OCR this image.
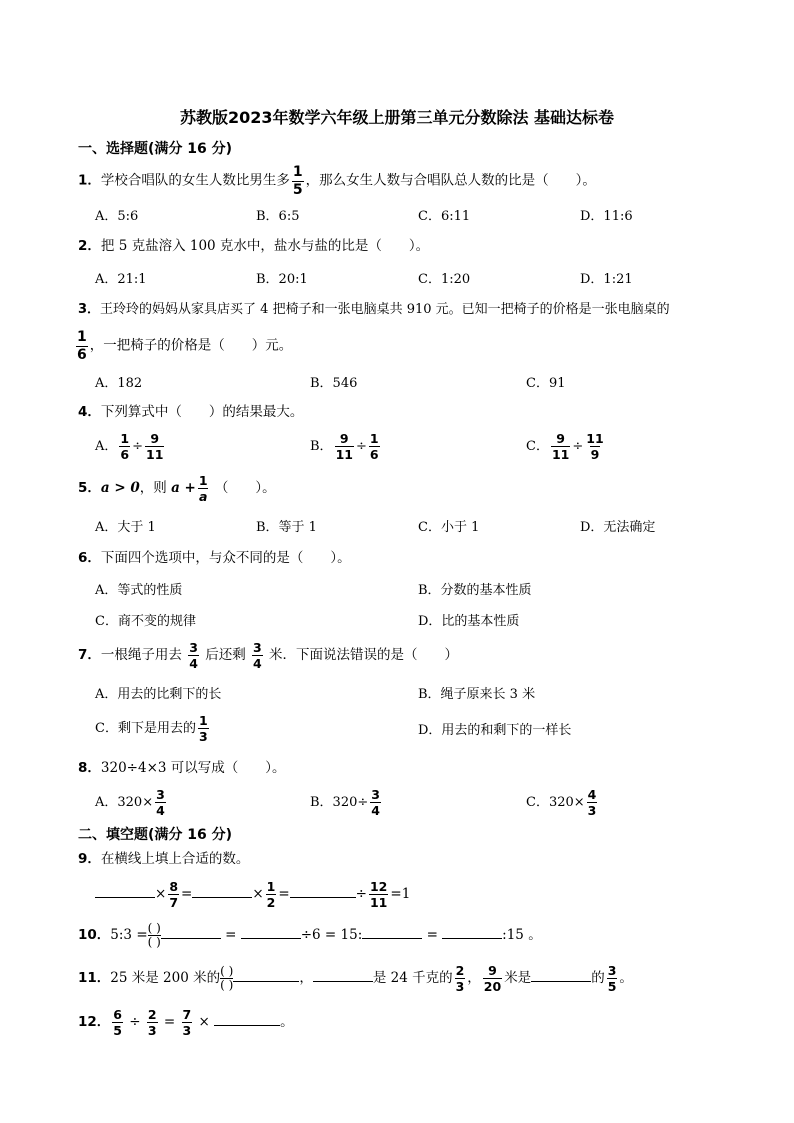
苏教版2023年数学六年级上册第三单元分数除法 基础达标卷
一、选择题(满分 16 分)
1．学校合唱队的女生人数比男生多 $\frac{1}{5}$ ，那么女生人数与合唱队总人数的比是（　　）。
A．5:6	B．6:5	C．6:11	D．11:6
2．把 5 克盐溶入 100 克水中，盐水与盐的比是（　　）。
A．21:1	B．20:1	C．1:20	D．1:21
3．王玲玲的妈妈从家具店买了 4 把椅子和一张电脑桌共 910 元。已知一把椅子的价格是一张电脑桌的
$\frac{1}{6}$ ，一把椅子的价格是（　　）元。
A．182	B．546	C．91
4．下列算式中（　　）的结果最大。
A． $\frac{1}{6} \div \frac{9}{11}$	B． $\frac{9}{11} \div \frac{1}{6}$	C． $\frac{9}{11} \div \frac{11}{9}$
5．a > 0，则 $a + \frac{1}{a}$ （　　）。
A．大于 1	B．等于 1	C．小于 1	D．无法确定
6．下面四个选项中，与众不同的是（　　）。
A．等式的性质	B．分数的基本性质
C．商不变的规律	D．比的基本性质
7．一根绳子用去 $\frac{3}{4}$ 后还剩 $\frac{3}{4}$ 米．下面说法错误的是（　　）
A．用去的比剩下的长	B．绳子原来长 3 米
C．剩下是用去的 $\frac{1}{3}$	D．用去的和剩下的一样长
8．320÷4×3 可以写成（　　）。
A．$320\times \frac{3}{4}$	B．$320\div \frac{3}{4}$	C．$320\times \frac{4}{3}$
二、填空题(满分 16 分)
9．在横线上填上合适的数。
× $\frac{8}{7}$ =	× $\frac{1}{2}$ =	÷ $\frac{12}{11} =1$
10．5:3 = $\frac{( )}{( )}$	=	÷6 = 15:	=	:15 。
11．25 米是 200 米的 $\frac{( )}{( )}$	，	是 24 千克的 $\frac{2}{3}$ ， $\frac{9}{20}$ 米是	的 $\frac{3}{5}$ 。
12． $\frac{6}{5} \div \frac{2}{3} = \frac{7}{3}$ ×	。
